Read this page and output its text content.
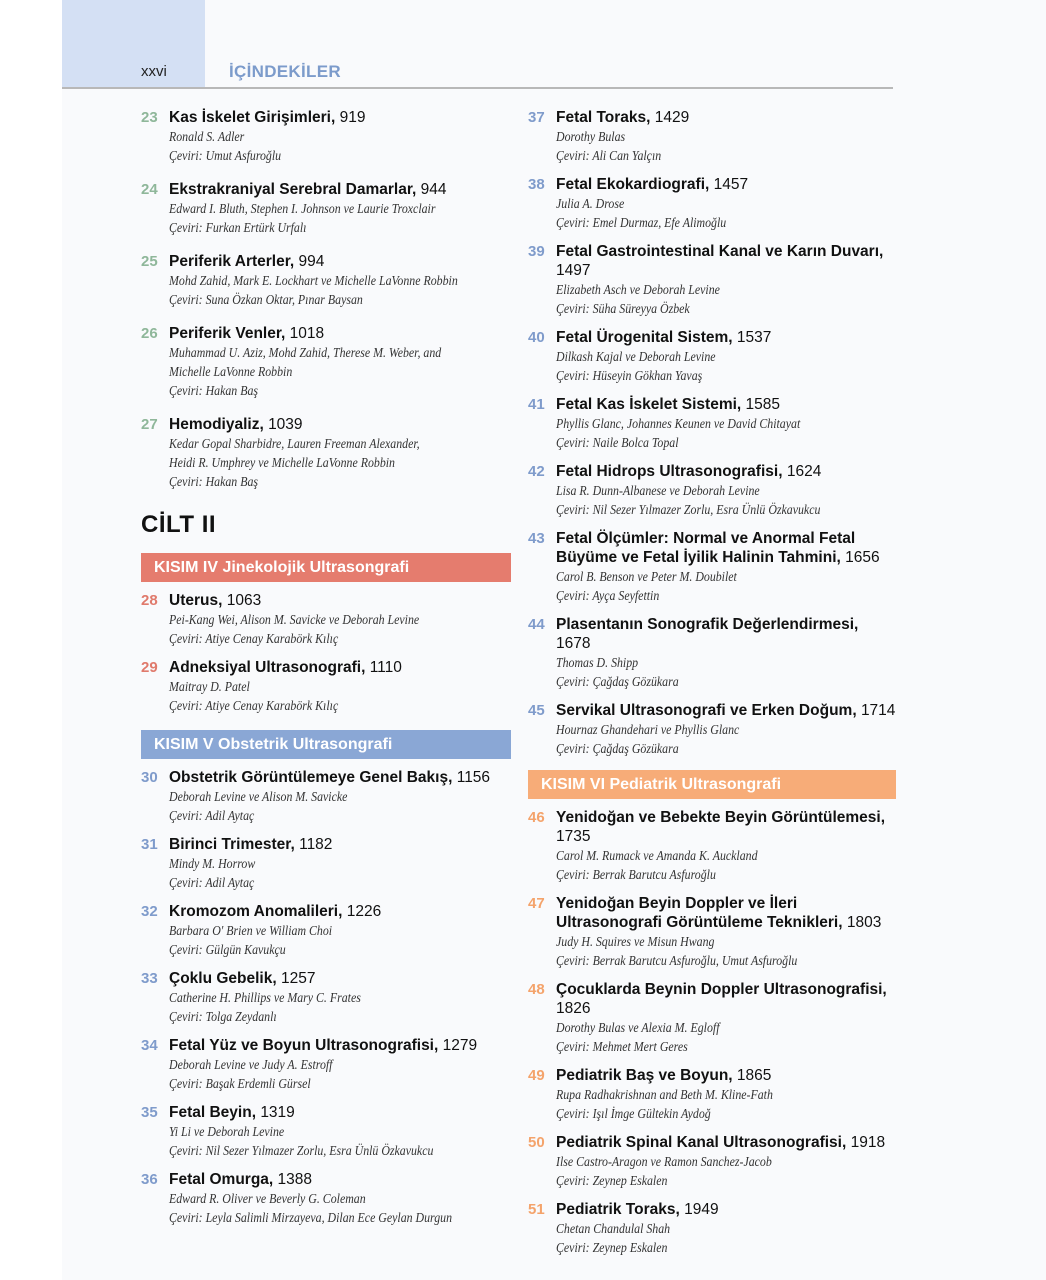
xxvi	İÇİNDEKİLER
23 Kas İskelet Girişimleri, 919
Ronald S. Adler
Çeviri: Umut Asfuroğlu
24 Ekstrakraniyal Serebral Damarlar, 944
Edward I. Bluth, Stephen I. Johnson ve Laurie Troxclair
Çeviri: Furkan Ertürk Urfalı
25 Periferik Arterler, 994
Mohd Zahid, Mark E. Lockhart ve Michelle LaVonne Robbin
Çeviri: Suna Özkan Oktar, Pınar Baysan
26 Periferik Venler, 1018
Muhammad U. Aziz, Mohd Zahid, Therese M. Weber, and
Michelle LaVonne Robbin
Çeviri: Hakan Baş
27 Hemodiyaliz, 1039
Kedar Gopal Sharbidre, Lauren Freeman Alexander,
Heidi R. Umphrey ve Michelle LaVonne Robbin
Çeviri: Hakan Baş
CİLT II
KISIM IV Jinekolojik Ultrasongrafi
28 Uterus, 1063
Pei-Kang Wei, Alison M. Savicke ve Deborah Levine
Çeviri: Atiye Cenay Karabörk Kılıç
29 Adneksiyal Ultrasonografi, 1110
Maitray D. Patel
Çeviri: Atiye Cenay Karabörk Kılıç
KISIM V Obstetrik Ultrasongrafi
30 Obstetrik Görüntülemeye Genel Bakış, 1156
Deborah Levine ve Alison M. Savicke
Çeviri: Adil Aytaç
31 Birinci Trimester, 1182
Mindy M. Horrow
Çeviri: Adil Aytaç
32 Kromozom Anomalileri, 1226
Barbara O' Brien ve William Choi
Çeviri: Gülgün Kavukçu
33 Çoklu Gebelik, 1257
Catherine H. Phillips ve Mary C. Frates
Çeviri: Tolga Zeydanlı
34 Fetal Yüz ve Boyun Ultrasonografisi, 1279
Deborah Levine ve Judy A. Estroff
Çeviri: Başak Erdemli Gürsel
35 Fetal Beyin, 1319
Yi Li ve Deborah Levine
Çeviri: Nil Sezer Yılmazer Zorlu, Esra Ünlü Özkavukcu
36 Fetal Omurga, 1388
Edward R. Oliver ve Beverly G. Coleman
Çeviri: Leyla Salimli Mirzayeva, Dilan Ece Geylan Durgun
37 Fetal Toraks, 1429
Dorothy Bulas
Çeviri: Ali Can Yalçın
38 Fetal Ekokardiografi, 1457
Julia A. Drose
Çeviri: Emel Durmaz, Efe Alimoğlu
39 Fetal Gastrointestinal Kanal ve Karın Duvarı, 1497
Elizabeth Asch ve Deborah Levine
Çeviri: Süha Süreyya Özbek
40 Fetal Ürogenital Sistem, 1537
Dilkash Kajal ve Deborah Levine
Çeviri: Hüseyin Gökhan Yavaş
41 Fetal Kas İskelet Sistemi, 1585
Phyllis Glanc, Johannes Keunen ve David Chitayat
Çeviri: Naile Bolca Topal
42 Fetal Hidrops Ultrasonografisi, 1624
Lisa R. Dunn-Albanese ve Deborah Levine
Çeviri: Nil Sezer Yılmazer Zorlu, Esra Ünlü Özkavukcu
43 Fetal Ölçümler: Normal ve Anormal Fetal Büyüme ve Fetal İyilik Halinin Tahmini, 1656
Carol B. Benson ve Peter M. Doubilet
Çeviri: Ayça Seyfettin
44 Plasentanın Sonografik Değerlendirmesi, 1678
Thomas D. Shipp
Çeviri: Çağdaş Gözükara
45 Servikal Ultrasonografi ve Erken Doğum, 1714
Hournaz Ghandehari ve Phyllis Glanc
Çeviri: Çağdaş Gözükara
KISIM VI Pediatrik Ultrasongrafi
46 Yenidoğan ve Bebekte Beyin Görüntülemesi, 1735
Carol M. Rumack ve Amanda K. Auckland
Çeviri: Berrak Barutcu Asfuroğlu
47 Yenidoğan Beyin Doppler ve İleri Ultrasonografi Görüntüleme Teknikleri, 1803
Judy H. Squires ve Misun Hwang
Çeviri: Berrak Barutcu Asfuroğlu, Umut Asfuroğlu
48 Çocuklarda Beynin Doppler Ultrasonografisi, 1826
Dorothy Bulas ve Alexia M. Egloff
Çeviri: Mehmet Mert Geres
49 Pediatrik Baş ve Boyun, 1865
Rupa Radhakrishnan and Beth M. Kline-Fath
Çeviri: Işıl İmge Gültekin Aydoğ
50 Pediatrik Spinal Kanal Ultrasonografisi, 1918
Ilse Castro-Aragon ve Ramon Sanchez-Jacob
Çeviri: Zeynep Eskalen
51 Pediatrik Toraks, 1949
Chetan Chandulal Shah
Çeviri: Zeynep Eskalen
